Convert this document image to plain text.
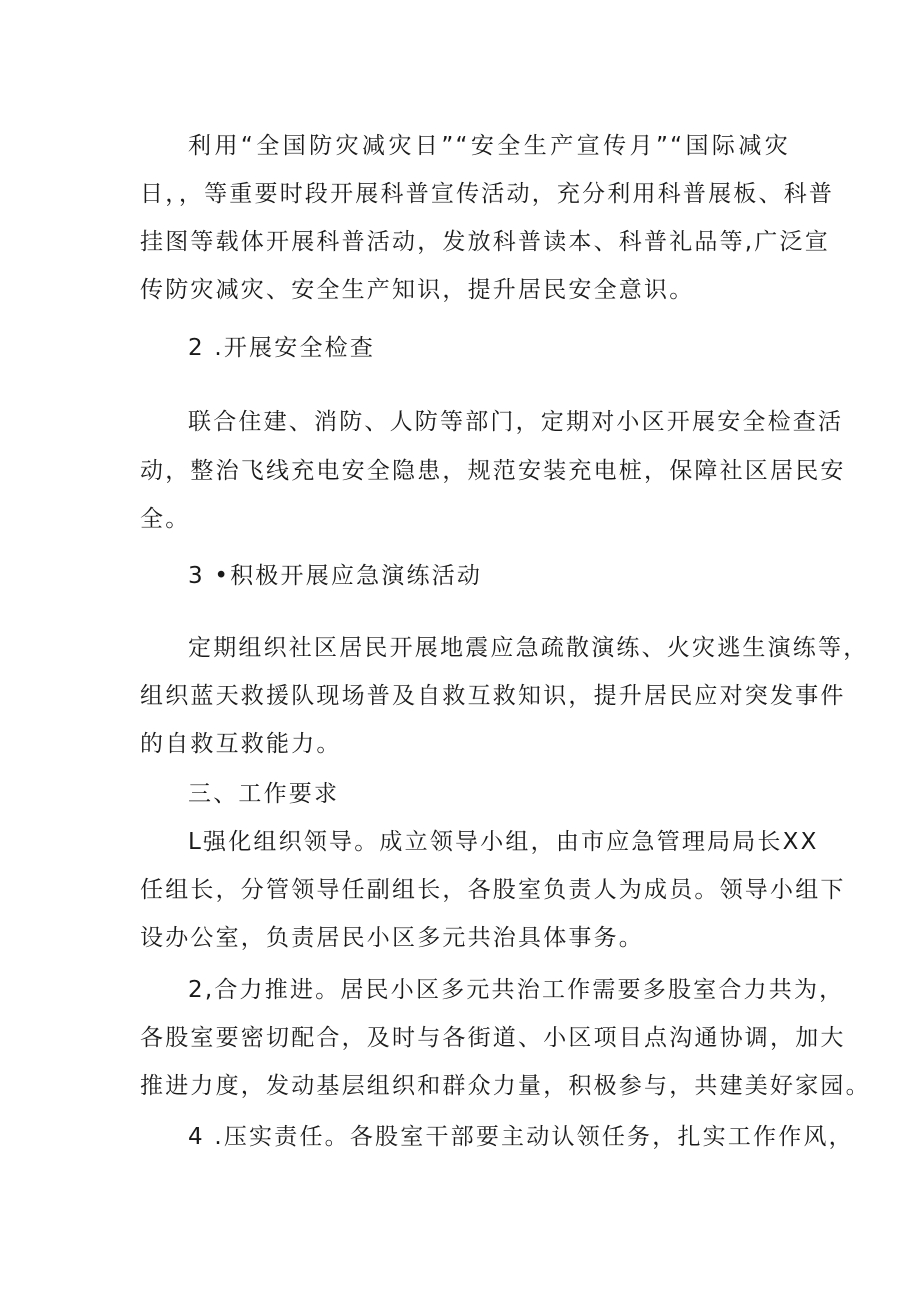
利用“全国防灾减灾日”“安全生产宣传月”“国际减灾
日，，等重要时段开展科普宣传活动，充分利用科普展板、科普
挂图等载体开展科普活动，发放科普读本、科普礼品等,广泛宣
传防灾减灾、安全生产知识，提升居民安全意识。
2 .开展安全检查
联合住建、消防、人防等部门，定期对小区开展安全检查活
动，整治飞线充电安全隐患，规范安装充电桩，保障社区居民安
全。
3 •积极开展应急演练活动
定期组织社区居民开展地震应急疏散演练、火灾逃生演练等，
组织蓝天救援队现场普及自救互救知识，提升居民应对突发事件
的自救互救能力。
三、工作要求
L强化组织领导。成立领导小组，由市应急管理局局长XX
任组长，分管领导任副组长，各股室负责人为成员。领导小组下
设办公室，负责居民小区多元共治具体事务。
2,合力推进。居民小区多元共治工作需要多股室合力共为，
各股室要密切配合，及时与各街道、小区项目点沟通协调，加大
推进力度，发动基层组织和群众力量，积极参与，共建美好家园。
4 .压实责任。各股室干部要主动认领任务，扎实工作作风，
